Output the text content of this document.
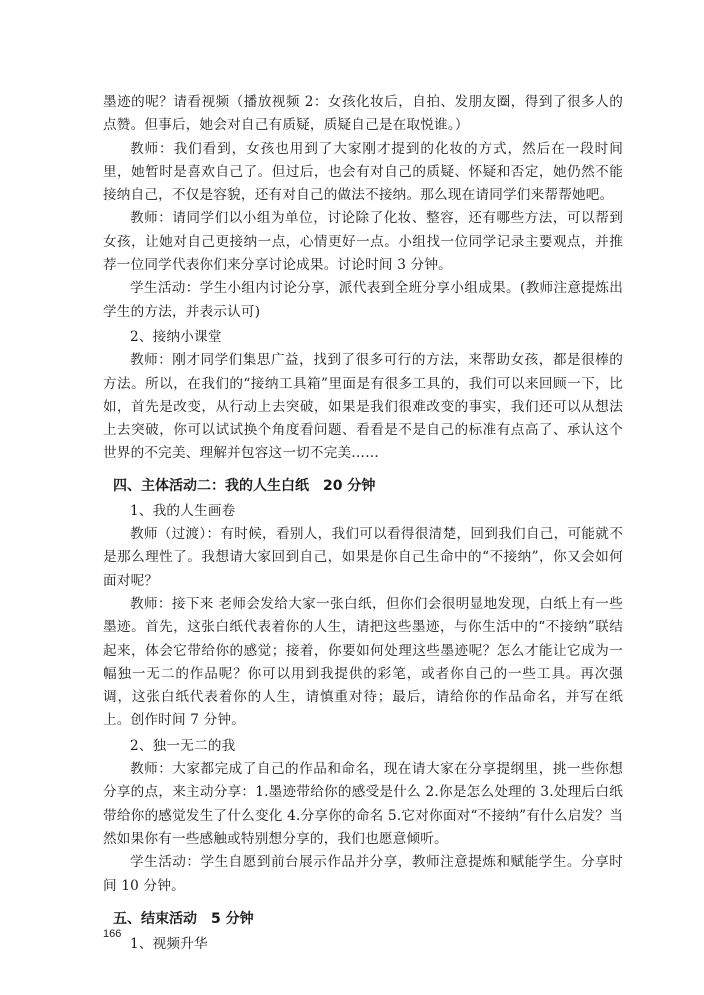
墨迹的呢？请看视频（播放视频 2：女孩化妆后，自拍、发朋友圈，得到了很多人的点赞。但事后，她会对自己有质疑，质疑自己是在取悦谁。）

教师：我们看到，女孩也用到了大家刚才提到的化妆的方式，然后在一段时间里，她暂时是喜欢自己了。但过后，也会有对自己的质疑、怀疑和否定，她仍然不能接纳自己，不仅是容貌，还有对自己的做法不接纳。那么现在请同学们来帮帮她吧。

教师：请同学们以小组为单位，讨论除了化妆、整容，还有哪些方法，可以帮到女孩，让她对自己更接纳一点，心情更好一点。小组找一位同学记录主要观点，并推荐一位同学代表你们来分享讨论成果。讨论时间 3 分钟。

学生活动：学生小组内讨论分享，派代表到全班分享小组成果。(教师注意提炼出学生的方法，并表示认可)

2、接纳小课堂

教师：刚才同学们集思广益，找到了很多可行的方法，来帮助女孩，都是很棒的方法。所以，在我们的“接纳工具箱”里面是有很多工具的，我们可以来回顾一下，比如，首先是改变，从行动上去突破，如果是我们很难改变的事实，我们还可以从想法上去突破，你可以试试换个角度看问题、看看是不是自己的标准有点高了、承认这个世界的不完美、理解并包容这一切不完美……

四、主体活动二：我的人生白纸　20 分钟

1、我的人生画卷

教师（过渡）：有时候，看别人，我们可以看得很清楚，回到我们自己，可能就不是那么理性了。我想请大家回到自己，如果是你自己生命中的“不接纳”，你又会如何面对呢？

教师：接下来 老师会发给大家一张白纸，但你们会很明显地发现，白纸上有一些墨迹。首先，这张白纸代表着你的人生，请把这些墨迹，与你生活中的“不接纳”联结起来，体会它带给你的感觉；接着，你要如何处理这些墨迹呢？怎么才能让它成为一幅独一无二的作品呢？你可以用到我提供的彩笔，或者你自己的一些工具。再次强调，这张白纸代表着你的人生，请慎重对待；最后，请给你的作品命名，并写在纸上。创作时间 7 分钟。

2、独一无二的我

教师：大家都完成了自己的作品和命名，现在请大家在分享提纲里，挑一些你想分享的点，来主动分享：1.墨迹带给你的感受是什么 2.你是怎么处理的 3.处理后白纸带给你的感觉发生了什么变化 4.分享你的命名 5.它对你面对“不接纳”有什么启发？当然如果你有一些感触或特别想分享的，我们也愿意倾听。

学生活动：学生自愿到前台展示作品并分享，教师注意提炼和赋能学生。分享时间 10 分钟。

五、结束活动　5 分钟

1、视频升华

166
